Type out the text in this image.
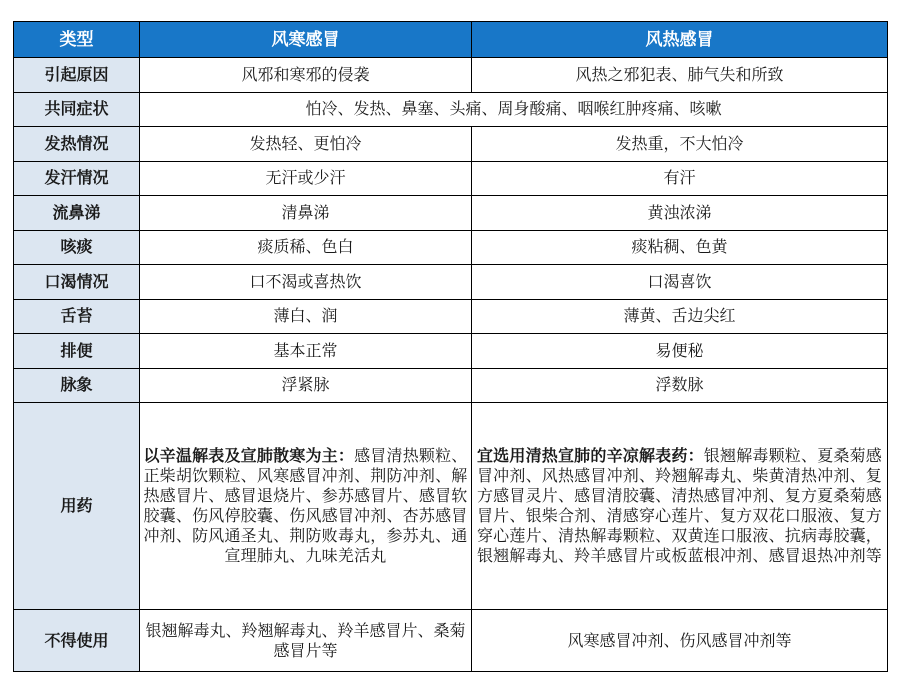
类型	风寒感冒	风热感冒
引起原因	风邪和寒邪的侵袭	风热之邪犯表、肺气失和所致
共同症状	怕冷、发热、鼻塞、头痛、周身酸痛、咽喉红肿疼痛、咳嗽	
发热情况	发热轻、更怕冷	发热重，不大怕冷
发汗情况	无汗或少汗	有汗
流鼻涕	清鼻涕	黄浊浓涕
咳痰	痰质稀、色白	痰粘稠、色黄
口渴情况	口不渴或喜热饮	口渴喜饮
舌苔	薄白、润	薄黄、舌边尖红
排便	基本正常	易便秘
脉象	浮紧脉	浮数脉
用药	以辛温解表及宣肺散寒为主：感冒清热颗粒、正柴胡饮颗粒、风寒感冒冲剂、荆防冲剂、解热感冒片、感冒退烧片、参苏感冒片、感冒软胶囊、伤风停胶囊、伤风感冒冲剂、杏苏感冒冲剂、防风通圣丸、荆防败毒丸，参苏丸、通宣理肺丸、九味羌活丸	宜选用清热宣肺的辛凉解表药：银翘解毒颗粒、夏桑菊感冒冲剂、风热感冒冲剂、羚翘解毒丸、柴黄清热冲剂、复方感冒灵片、感冒清胶囊、清热感冒冲剂、复方夏桑菊感冒片、银柴合剂、清感穿心莲片、复方双花口服液、复方穿心莲片、清热解毒颗粒、双黄连口服液、抗病毒胶囊，银翘解毒丸、羚羊感冒片或板蓝根冲剂、感冒退热冲剂等
不得使用	银翘解毒丸、羚翘解毒丸、羚羊感冒片、桑菊感冒片等	风寒感冒冲剂、伤风感冒冲剂等
